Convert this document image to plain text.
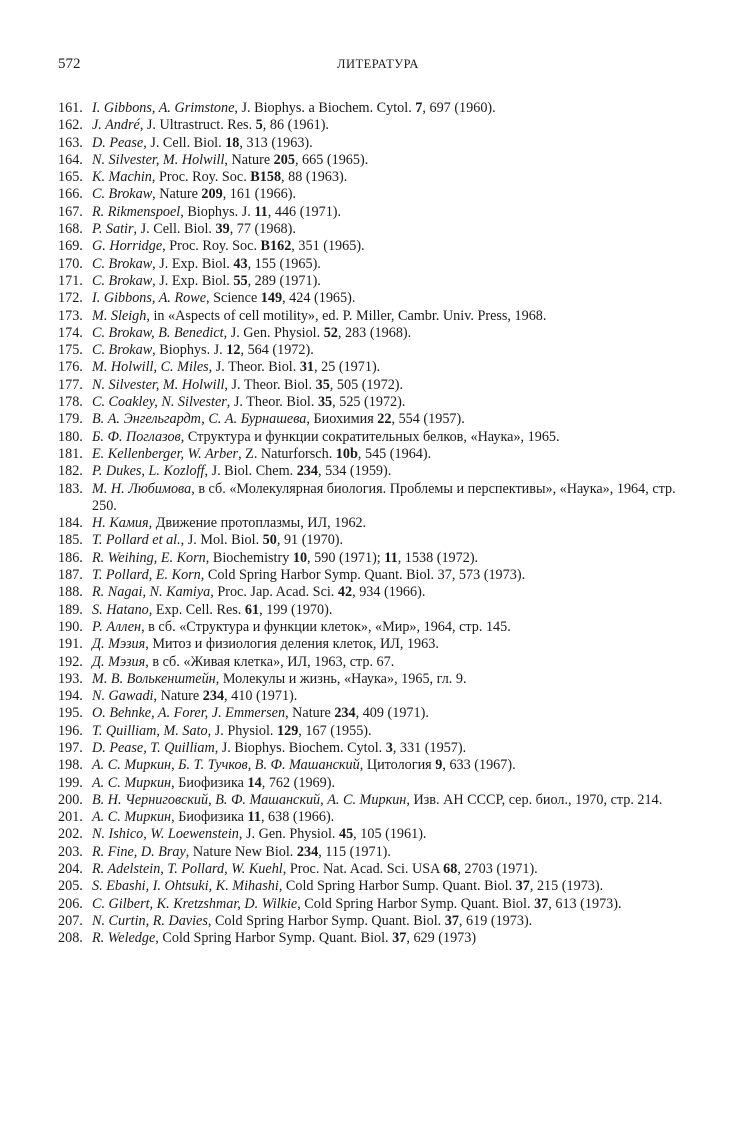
572	ЛИТЕРАТУРА
161. I. Gibbons, A. Grimstone, J. Biophys. a Biochem. Cytol. 7, 697 (1960).
162. J. André, J. Ultrastruct. Res. 5, 86 (1961).
163. D. Pease, J. Cell. Biol. 18, 313 (1963).
164. N. Silvester, M. Holwill, Nature 205, 665 (1965).
165. K. Machin, Proc. Roy. Soc. B158, 88 (1963).
166. C. Brokaw, Nature 209, 161 (1966).
167. R. Rikmenspoel, Biophys. J. 11, 446 (1971).
168. P. Satir, J. Cell. Biol. 39, 77 (1968).
169. G. Horridge, Proc. Roy. Soc. B162, 351 (1965).
170. C. Brokaw, J. Exp. Biol. 43, 155 (1965).
171. C. Brokaw, J. Exp. Biol. 55, 289 (1971).
172. I. Gibbons, A. Rowe, Science 149, 424 (1965).
173. M. Sleigh, in «Aspects of cell motility», ed. P. Miller, Cambr. Univ. Press, 1968.
174. C. Brokaw, B. Benedict, J. Gen. Physiol. 52, 283 (1968).
175. C. Brokaw, Biophys. J. 12, 564 (1972).
176. M. Holwill, C. Miles, J. Theor. Biol. 31, 25 (1971).
177. N. Silvester, M. Holwill, J. Theor. Biol. 35, 505 (1972).
178. C. Coakley, N. Silvester, J. Theor. Biol. 35, 525 (1972).
179. В. А. Энгельгардт, С. А. Бурнашева, Биохимия 22, 554 (1957).
180. Б. Ф. Поглазов, Структура и функции сократительных белков, «Наука», 1965.
181. E. Kellenberger, W. Arber, Z. Naturforsch. 10b, 545 (1964).
182. P. Dukes, L. Kozloff, J. Biol. Chem. 234, 534 (1959).
183. М. Н. Любимова, в сб. «Молекулярная биология. Проблемы и перспективы», «Наука», 1964, стр. 250.
184. Н. Камия, Движение протоплазмы, ИЛ, 1962.
185. T. Pollard et al., J. Mol. Biol. 50, 91 (1970).
186. R. Weihing, E. Korn, Biochemistry 10, 590 (1971); 11, 1538 (1972).
187. T. Pollard, E. Korn, Cold Spring Harbor Symp. Quant. Biol. 37, 573 (1973).
188. R. Nagai, N. Kamiya, Proc. Jap. Acad. Sci. 42, 934 (1966).
189. S. Hatano, Exp. Cell. Res. 61, 199 (1970).
190. Р. Аллен, в сб. «Структура и функции клеток», «Мир», 1964, стр. 145.
191. Д. Мэзия, Митоз и физиология деления клеток, ИЛ, 1963.
192. Д. Мэзия, в сб. «Живая клетка», ИЛ, 1963, стр. 67.
193. М. В. Волькенштейн, Молекулы и жизнь, «Наука», 1965, гл. 9.
194. N. Gawadi, Nature 234, 410 (1971).
195. O. Behnke, A. Forer, J. Emmersen, Nature 234, 409 (1971).
196. T. Quilliam, M. Sato, J. Physiol. 129, 167 (1955).
197. D. Pease, T. Quilliam, J. Biophys. Biochem. Cytol. 3, 331 (1957).
198. А. С. Миркин, Б. Т. Тучков, В. Ф. Машанский, Цитология 9, 633 (1967).
199. А. С. Миркин, Биофизика 14, 762 (1969).
200. В. Н. Черниговский, В. Ф. Машанский, А. С. Миркин, Изв. АН СССР, сер. биол., 1970, стр. 214.
201. А. С. Миркин, Биофизика 11, 638 (1966).
202. N. Ishico, W. Loewenstein, J. Gen. Physiol. 45, 105 (1961).
203. R. Fine, D. Bray, Nature New Biol. 234, 115 (1971).
204. R. Adelstein, T. Pollard, W. Kuehl, Proc. Nat. Acad. Sci. USA 68, 2703 (1971).
205. S. Ebashi, I. Ohtsuki, K. Mihashi, Cold Spring Harbor Sump. Quant. Biol. 37, 215 (1973).
206. C. Gilbert, K. Kretzshmar, D. Wilkie, Cold Spring Harbor Symp. Quant. Biol. 37, 613 (1973).
207. N. Curtin, R. Davies, Cold Spring Harbor Symp. Quant. Biol. 37, 619 (1973).
208. R. Weledge, Cold Spring Harbor Symp. Quant. Biol. 37, 629 (1973)
